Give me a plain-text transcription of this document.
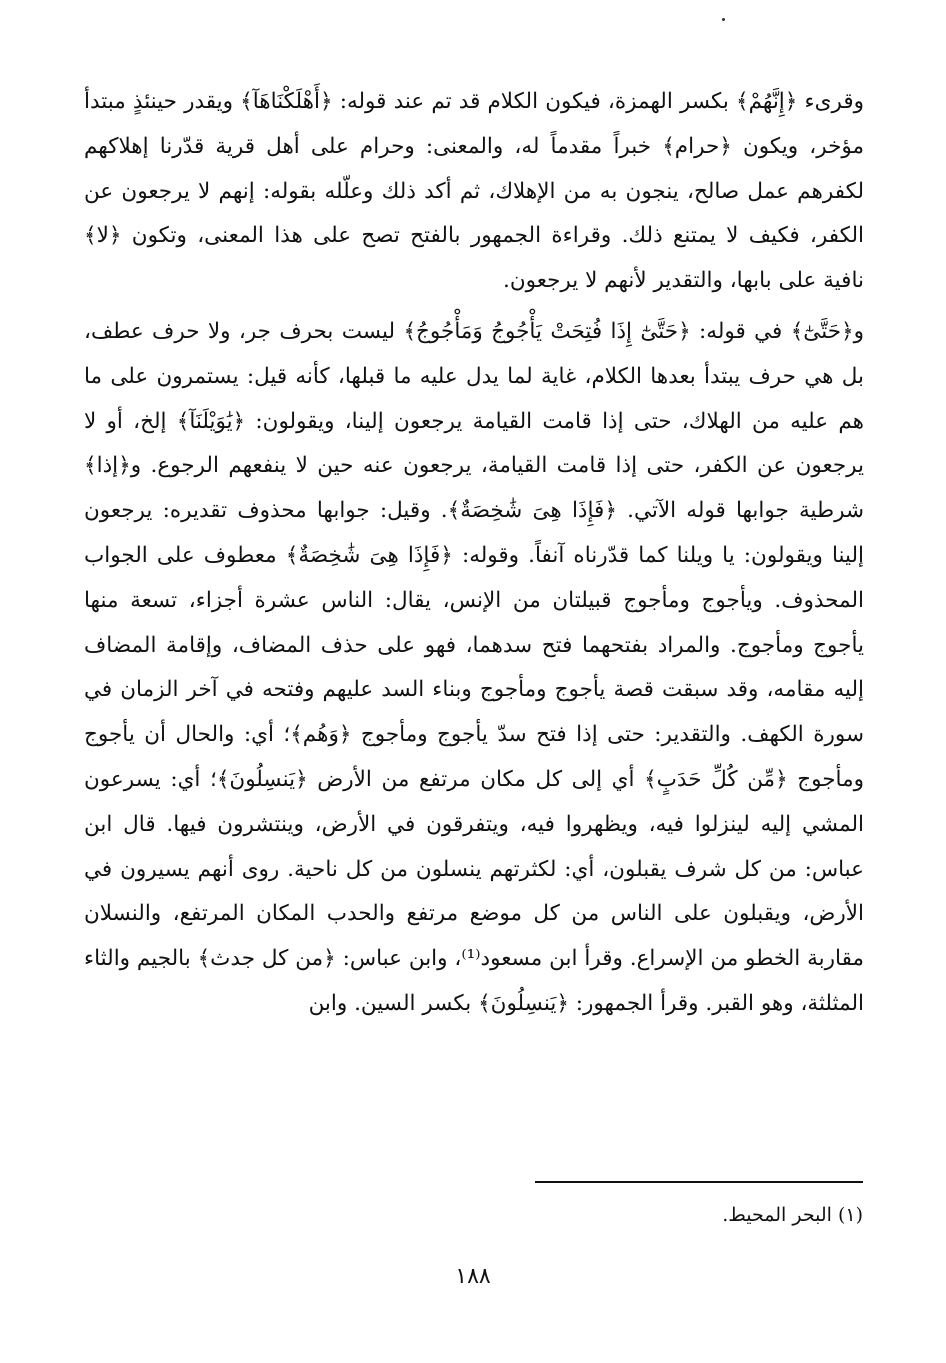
وقرىء ﴿إِنَّهُمْ﴾ بكسر الهمزة، فيكون الكلام قد تم عند قوله: ﴿أَهْلَكْنَاهَآ﴾ ويقدر حينئذٍ مبتدأ مؤخر، ويكون ﴿حرام﴾ خبراً مقدماً له، والمعنى: وحرام على أهل قرية قدّرنا إهلاكهم لكفرهم عمل صالح، ينجون به من الإهلاك، ثم أكد ذلك وعلّله بقوله: إنهم لا يرجعون عن الكفر، فكيف لا يمتنع ذلك. وقراءة الجمهور بالفتح تصح على هذا المعنى، وتكون ﴿لا﴾ نافية على بابها، والتقدير لأنهم لا يرجعون.

و﴿حَتَّىٰٓ﴾ في قوله: ﴿حَتَّىٰٓ إِذَا فُتِحَتْ يَأْجُوجُ وَمَأْجُوجُ﴾ ليست بحرف جر، ولا حرف عطف، بل هي حرف يبتدأ بعدها الكلام، غاية لما يدل عليه ما قبلها، كأنه قيل: يستمرون على ما هم عليه من الهلاك، حتى إذا قامت القيامة يرجعون إلينا، ويقولون: ﴿يَٰوَيْلَنَآ﴾ إلخ، أو لا يرجعون عن الكفر، حتى إذا قامت القيامة، يرجعون عنه حين لا ينفعهم الرجوع. و﴿إذا﴾ شرطية جوابها قوله الآتي. ﴿فَإِذَا هِىَ شَٰخِصَةٌ﴾. وقيل: جوابها محذوف تقديره: يرجعون إلينا ويقولون: يا ويلنا كما قدّرناه آنفاً. وقوله: ﴿فَإِذَا هِىَ شَٰخِصَةٌ﴾ معطوف على الجواب المحذوف. ويأجوج ومأجوج قبيلتان من الإنس، يقال: الناس عشرة أجزاء، تسعة منها يأجوج ومأجوج. والمراد بفتحهما فتح سدهما، فهو على حذف المضاف، وإقامة المضاف إليه مقامه، وقد سبقت قصة يأجوج ومأجوج وبناء السد عليهم وفتحه في آخر الزمان في سورة الكهف. والتقدير: حتى إذا فتح سدّ يأجوج ومأجوج ﴿وَهُم﴾؛ أي: والحال أن يأجوج ومأجوج ﴿مِّن كُلِّ حَدَبٍ﴾ أي إلى كل مكان مرتفع من الأرض ﴿يَنسِلُونَ﴾؛ أي: يسرعون المشي إليه لينزلوا فيه، ويظهروا فيه، ويتفرقون في الأرض، وينتشرون فيها. قال ابن عباس: من كل شرف يقبلون، أي: لكثرتهم ينسلون من كل ناحية. روى أنهم يسيرون في الأرض، ويقبلون على الناس من كل موضع مرتفع والحدب المكان المرتفع، والنسلان مقاربة الخطو من الإسراع. وقرأ ابن مسعود⁽¹⁾، وابن عباس: ﴿من كل جدث﴾ بالجيم والثاء المثلثة، وهو القبر. وقرأ الجمهور: ﴿يَنسِلُونَ﴾ بكسر السين. وابن

(١) البحر المحيط.

١٨٨
